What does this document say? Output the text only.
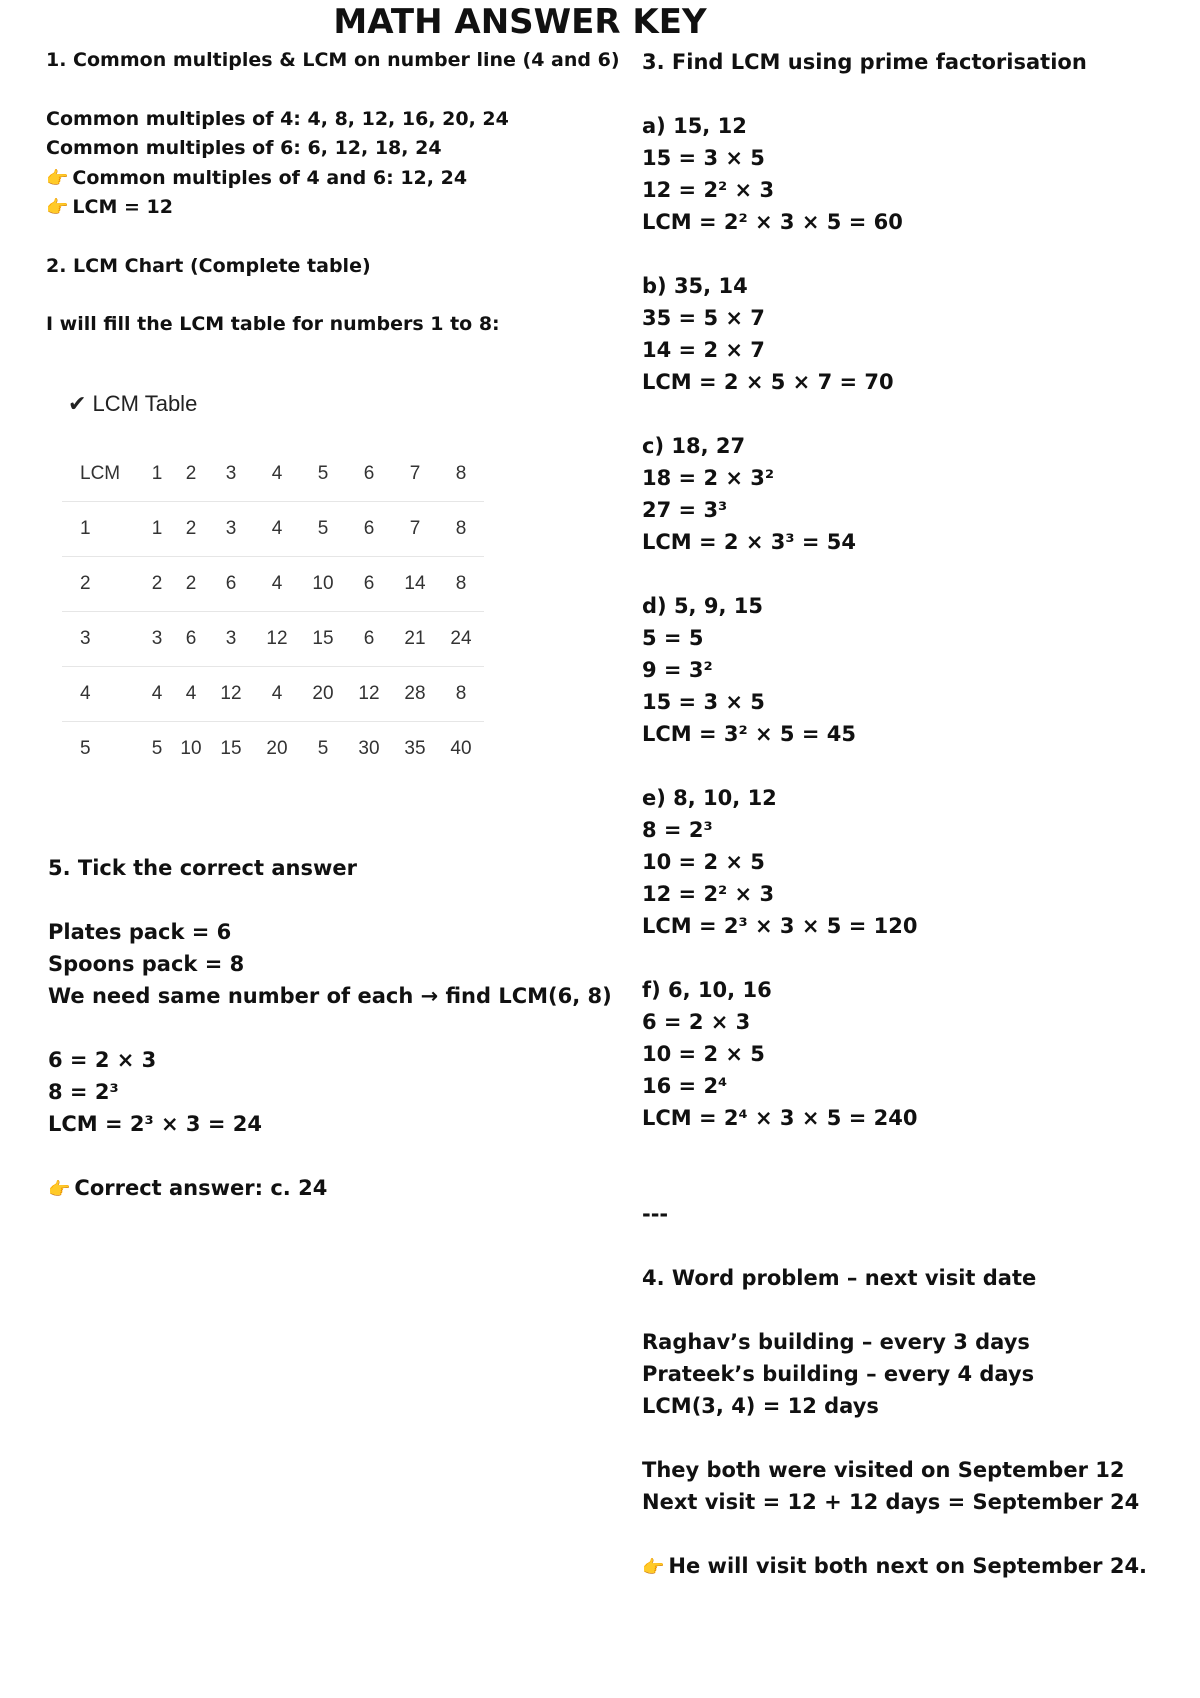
MATH ANSWER KEY
1. Common multiples & LCM on number line (4 and 6)
Common multiples of 4: 4, 8, 12, 16, 20, 24
Common multiples of 6: 6, 12, 18, 24
👉 Common multiples of 4 and 6: 12, 24
👉 LCM = 12
2. LCM Chart (Complete table)
I will fill the LCM table for numbers 1 to 8:
✔ LCM Table
LCM	1	2	3	4	5	6	7	8
1	1	2	3	4	5	6	7	8
2	2	2	6	4	10	6	14	8
3	3	6	3	12	15	6	21	24
4	4	4	12	4	20	12	28	8
5	5	10	15	20	5	30	35	40
5. Tick the correct answer
Plates pack = 6
Spoons pack = 8
We need same number of each → find LCM(6, 8)
6 = 2 × 3
8 = 2³
LCM = 2³ × 3 = 24
👉 Correct answer: c. 24
3. Find LCM using prime factorisation
a) 15, 12
15 = 3 × 5
12 = 2² × 3
LCM = 2² × 3 × 5 = 60
b) 35, 14
35 = 5 × 7
14 = 2 × 7
LCM = 2 × 5 × 7 = 70
c) 18, 27
18 = 2 × 3²
27 = 3³
LCM = 2 × 3³ = 54
d) 5, 9, 15
5 = 5
9 = 3²
15 = 3 × 5
LCM = 3² × 5 = 45
e) 8, 10, 12
8 = 2³
10 = 2 × 5
12 = 2² × 3
LCM = 2³ × 3 × 5 = 120
f) 6, 10, 16
6 = 2 × 3
10 = 2 × 5
16 = 2⁴
LCM = 2⁴ × 3 × 5 = 240
---
4. Word problem – next visit date
Raghav’s building – every 3 days
Prateek’s building – every 4 days
LCM(3, 4) = 12 days
They both were visited on September 12
Next visit = 12 + 12 days = September 24
👉 He will visit both next on September 24.
